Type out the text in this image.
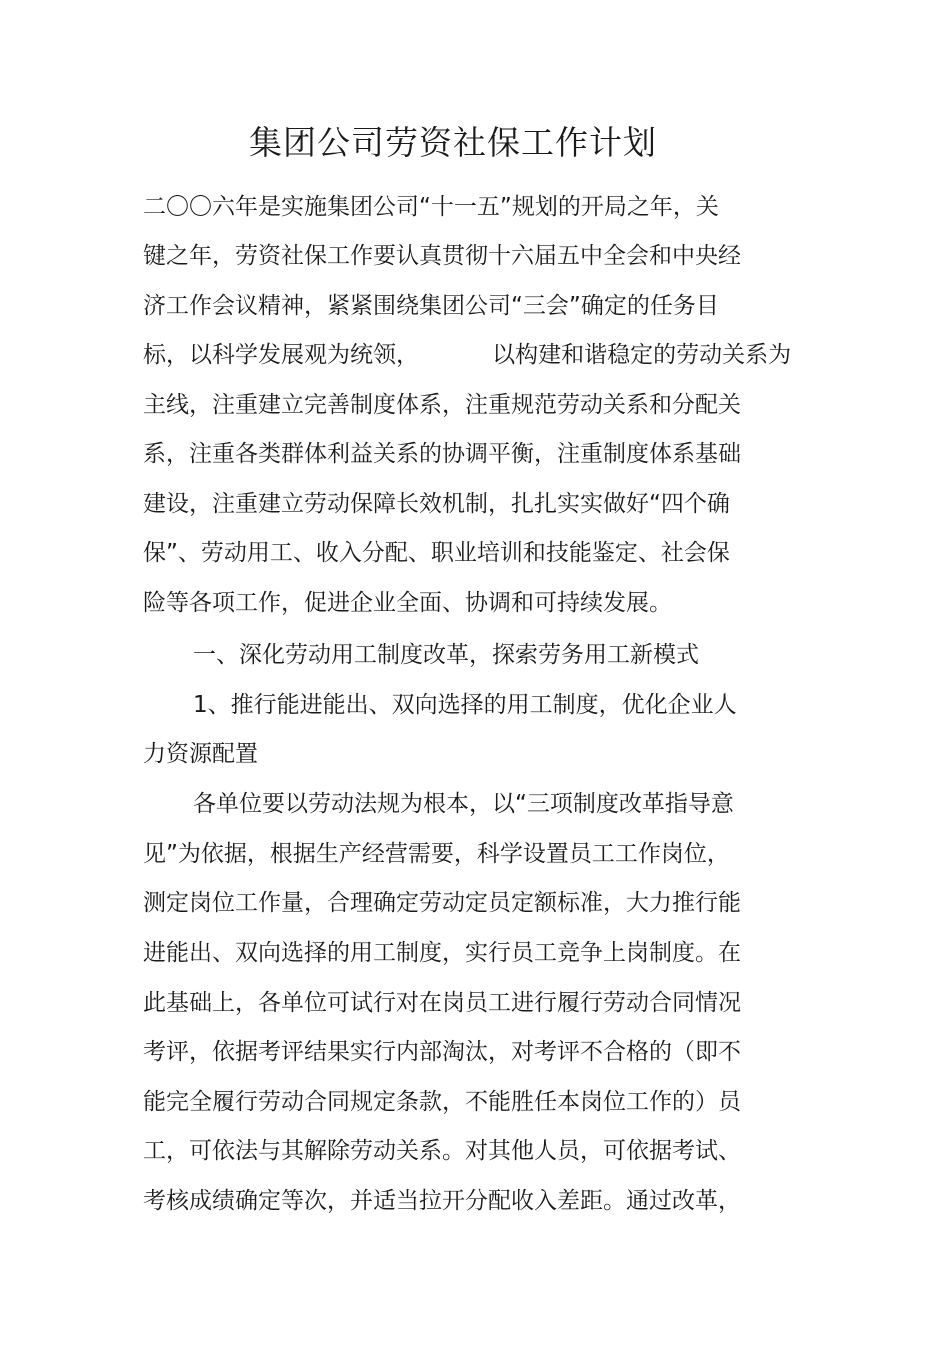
集团公司劳资社保工作计划
二〇〇六年是实施集团公司“十一五”规划的开局之年，关
键之年，劳资社保工作要认真贯彻十六届五中全会和中央经
济工作会议精神，紧紧围绕集团公司“三会”确定的任务目
标，以科学发展观为统领，          以构建和谐稳定的劳动关系为
主线，注重建立完善制度体系，注重规范劳动关系和分配关
系，注重各类群体利益关系的协调平衡，注重制度体系基础
建设，注重建立劳动保障长效机制，扎扎实实做好“四个确
保”、劳动用工、收入分配、职业培训和技能鉴定、社会保
险等各项工作，促进企业全面、协调和可持续发展。
一、深化劳动用工制度改革，探索劳务用工新模式
1、推行能进能出、双向选择的用工制度，优化企业人
力资源配置
各单位要以劳动法规为根本，以“三项制度改革指导意
见”为依据，根据生产经营需要，科学设置员工工作岗位，
测定岗位工作量，合理确定劳动定员定额标准，大力推行能
进能出、双向选择的用工制度，实行员工竞争上岗制度。在
此基础上，各单位可试行对在岗员工进行履行劳动合同情况
考评，依据考评结果实行内部淘汰，对考评不合格的（即不
能完全履行劳动合同规定条款，不能胜任本岗位工作的）员
工，可依法与其解除劳动关系。对其他人员，可依据考试、
考核成绩确定等次，并适当拉开分配收入差距。通过改革，
